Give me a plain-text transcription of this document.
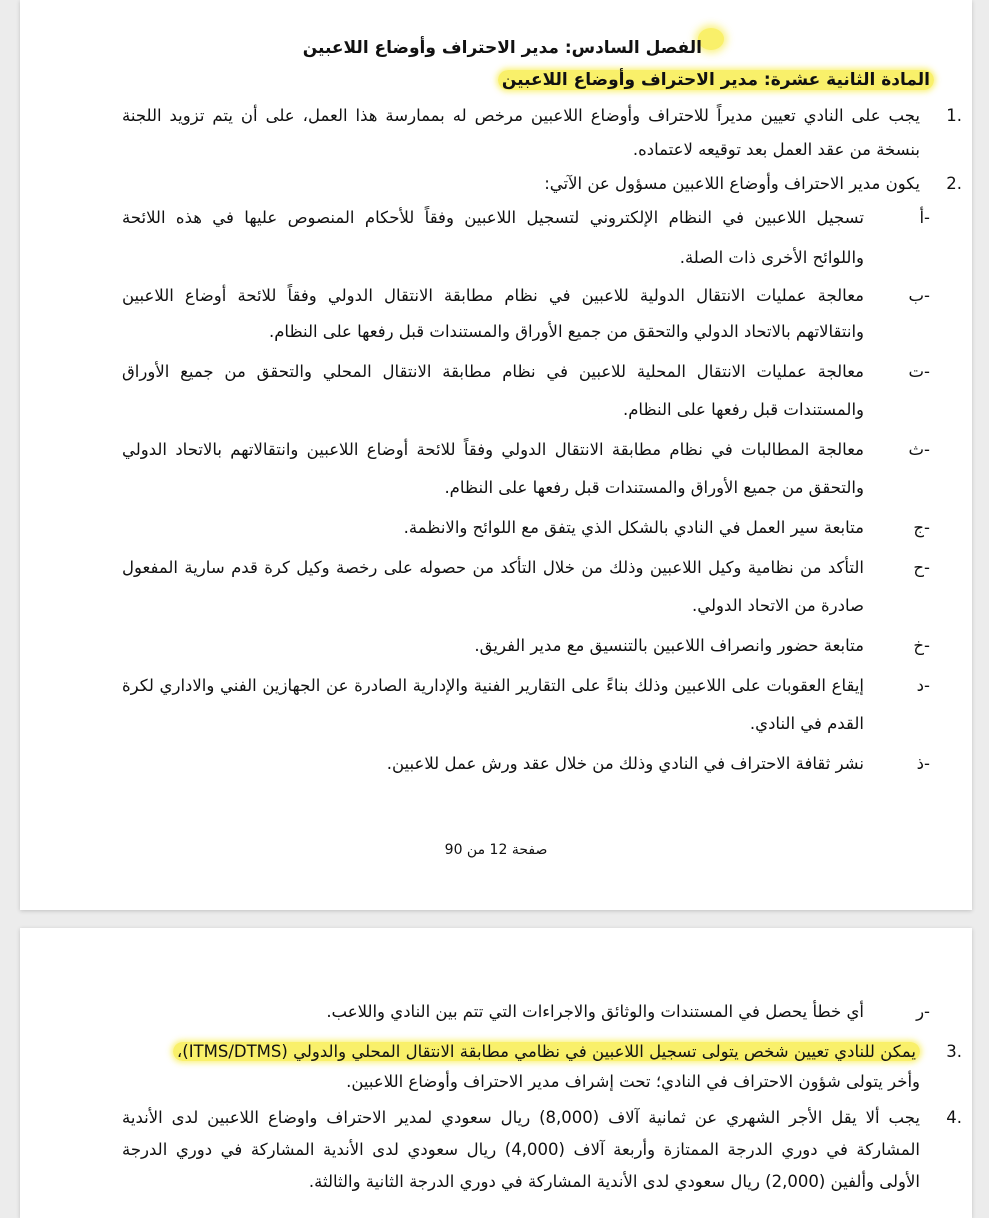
الفصل السادس: مدير الاحتراف وأوضاع اللاعبين
المادة الثانية عشرة: مدير الاحتراف وأوضاع اللاعبين
1.
يجب على النادي تعيين مديراً للاحتراف وأوضاع اللاعبين مرخص له بممارسة هذا العمل، على أن يتم تزويد اللجنة
بنسخة من عقد العمل بعد توقيعه لاعتماده.
2.
يكون مدير الاحتراف وأوضاع اللاعبين مسؤول عن الآتي:
أ-
تسجيل اللاعبين في النظام الإلكتروني لتسجيل اللاعبين وفقاً للأحكام المنصوص عليها في هذه اللائحة
واللوائح الأخرى ذات الصلة.
ب-
معالجة عمليات الانتقال الدولية للاعبين في نظام مطابقة الانتقال الدولي وفقاً للائحة أوضاع اللاعبين
وانتقالاتهم بالاتحاد الدولي والتحقق من جميع الأوراق والمستندات قبل رفعها على النظام.
ت-
معالجة عمليات الانتقال المحلية للاعبين في نظام مطابقة الانتقال المحلي والتحقق من جميع الأوراق
والمستندات قبل رفعها على النظام.
ث-
معالجة المطالبات في نظام مطابقة الانتقال الدولي وفقاً للائحة أوضاع اللاعبين وانتقالاتهم بالاتحاد الدولي
والتحقق من جميع الأوراق والمستندات قبل رفعها على النظام.
ج-
متابعة سير العمل في النادي بالشكل الذي يتفق مع اللوائح والانظمة.
ح-
التأكد من نظامية وكيل اللاعبين وذلك من خلال التأكد من حصوله على رخصة وكيل كرة قدم سارية المفعول
صادرة من الاتحاد الدولي.
خ-
متابعة حضور وانصراف اللاعبين بالتنسيق مع مدير الفريق.
د-
إيقاع العقوبات على اللاعبين وذلك بناءً على التقارير الفنية والإدارية الصادرة عن الجهازين الفني والاداري لكرة
القدم في النادي.
ذ-
نشر ثقافة الاحتراف في النادي وذلك من خلال عقد ورش عمل للاعبين.
صفحة 12 من 90
ر-
أي خطأ يحصل في المستندات والوثائق والاجراءات التي تتم بين النادي واللاعب.
3.
يمكن للنادي تعيين شخص يتولى تسجيل اللاعبين في نظامي مطابقة الانتقال المحلي والدولي (ITMS/DTMS)،
وأخر يتولى شؤون الاحتراف في النادي؛ تحت إشراف مدير الاحتراف وأوضاع اللاعبين.
4.
يجب ألا يقل الأجر الشهري عن ثمانية آلاف (8,000) ريال سعودي لمدير الاحتراف واوضاع اللاعبين لدى الأندية
المشاركة في دوري الدرجة الممتازة وأربعة آلاف (4,000) ريال سعودي لدى الأندية المشاركة في دوري الدرجة
الأولى وألفين (2,000) ريال سعودي لدى الأندية المشاركة في دوري الدرجة الثانية والثالثة.
